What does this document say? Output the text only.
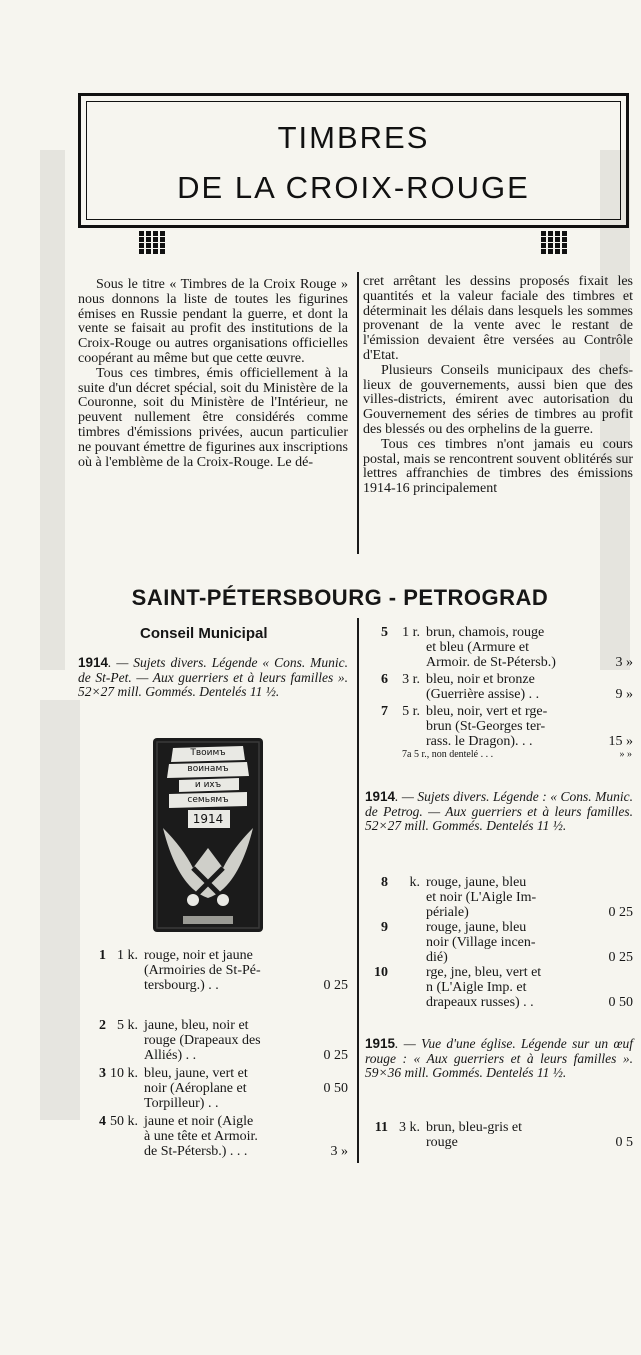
TIMBRES
DE LA CROIX-ROUGE

Sous le titre « Timbres de la Croix Rouge » nous donnons la liste de toutes les figurines émises en Russie pendant la guerre, et dont la vente se faisait au profit des institutions de la Croix-Rouge ou autres organisations officielles coopérant au même but que cette œuvre.

Tous ces timbres, émis officiellement à la suite d'un décret spécial, soit du Ministère de la Couronne, soit du Ministère de l'Intérieur, ne peuvent nullement être considérés comme timbres d'émissions privées, aucun particulier ne pouvant émettre de figurines aux inscriptions où à l'emblème de la Croix-Rouge. Le dé-

cret arrêtant les dessins proposés fixait les quantités et la valeur faciale des timbres et déterminait les délais dans lesquels les sommes provenant de la vente avec le restant de l'émission devaient être versées au Contrôle d'Etat.

Plusieurs Conseils municipaux des chefs-lieux de gouvernements, aussi bien que des villes-districts, émirent avec autorisation du Gouvernement des séries de timbres au profit des blessés ou des orphelins de la guerre.

Tous ces timbres n'ont jamais eu cours postal, mais se rencontrent souvent oblitérés sur lettres affranchies de timbres des émissions 1914-16 principalement

SAINT-PÉTERSBOURG - PETROGRAD
Conseil Municipal

1914. — Sujets divers. Légende « Cons. Munic. de St-Pet. — Aux guerriers et à leurs familles ». 52×27 mill. Gommés. Dentelés 11 ½.

Твоимъ
воинамъ
и ихъ
семьямъ
1914
1 1 k. rouge, noir et jaune
(Armoiries de St-Pé-
tersbourg.) . .	0 25
2 5 k. jaune, bleu, noir et
rouge (Drapeaux des
Alliés) . .	0 25
3 10 k. bleu, jaune, vert et
noir (Aéroplane et
Torpilleur) . .
0 50
4 50 k. jaune et noir (Aigle
à une tête et Armoir.
de St-Pétersb.) . . .	3 »
5	1 r. brun, chamois, rouge
et bleu (Armure et
Armoir. de St-Pétersb.)	3 »
6	3 r. bleu, noir et bronze
(Guerrière assise) . .	9 »
7	5 r. bleu, noir, vert et rge-
brun (St-Georges ter-
rass. le Dragon). . .	15 »
7a 5 r., non dentelé . . .	» »

1914. — Sujets divers. Légende : « Cons. Munic. de Petrog. — Aux guerriers et à leurs familles. 52×27 mill. Gommés. Dentelés 11 ½.

8	k. rouge, jaune, bleu
et noir (L'Aigle Im-
périale)	0 25
9	rouge, jaune, bleu
noir (Village incen-
dié)	0 25
10	rge, jne, bleu, vert et
n (L'Aigle Imp. et
drapeaux russes) . .	0 50

1915. — Vue d'une église. Légende sur un œuf rouge : « Aux guerriers et à leurs familles ». 59×36 mill. Gommés. Dentelés 11 ½.

11 3 k. brun, bleu-gris et
rouge	0 5
